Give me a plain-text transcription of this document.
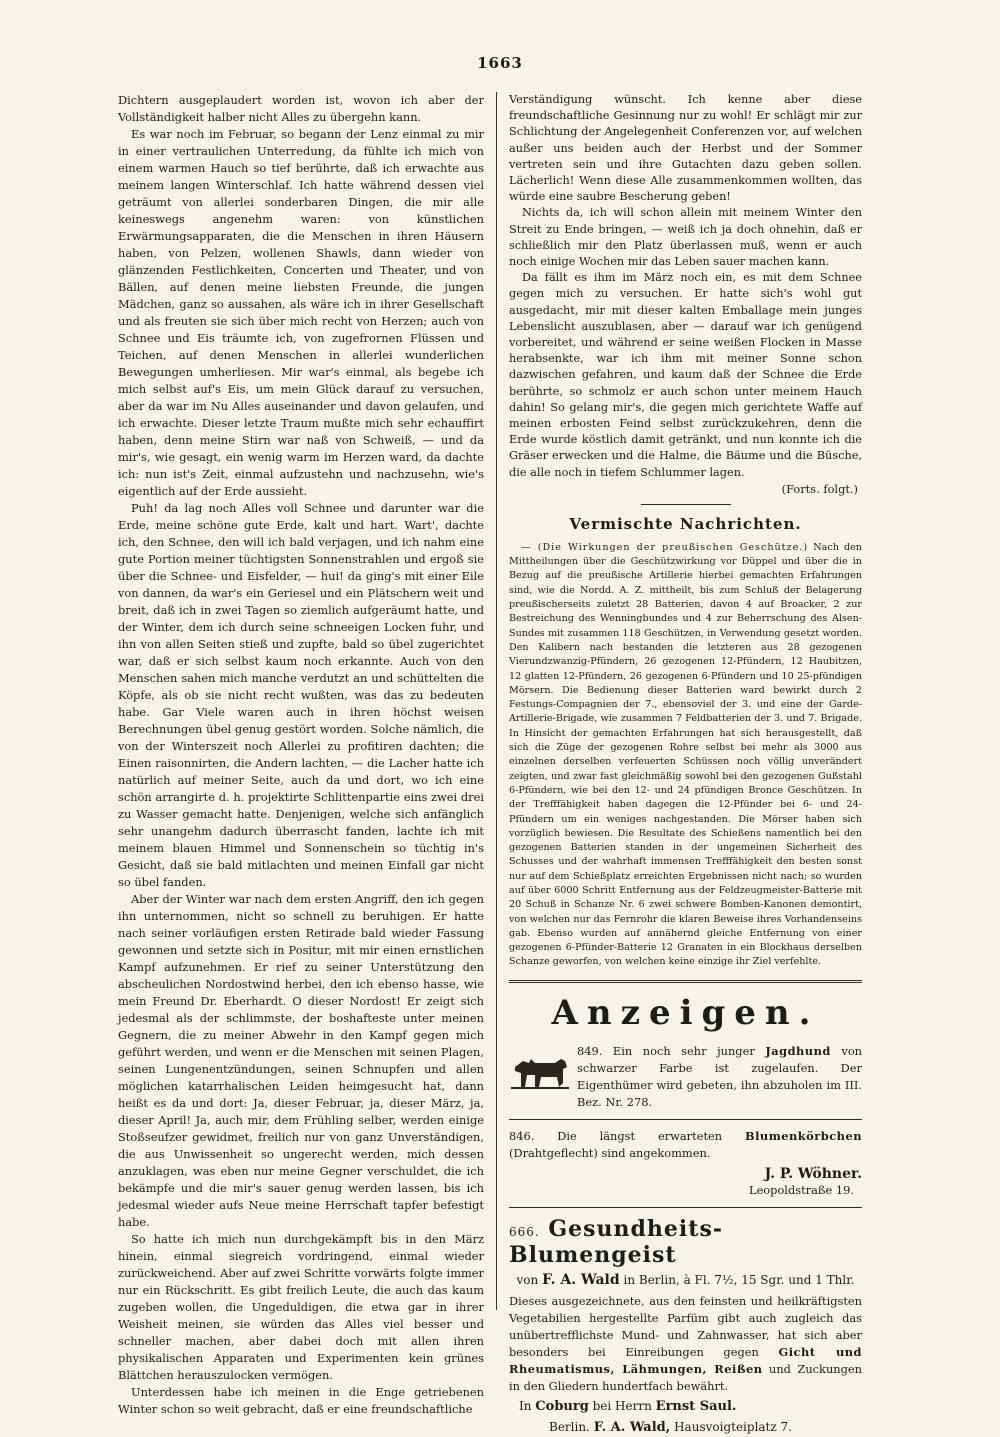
1663

Dichtern ausgeplaudert worden ist, wovon ich aber der Vollständigkeit halber nicht Alles zu übergehn kann.

Es war noch im Februar, so begann der Lenz einmal zu mir in einer vertraulichen Unterredung, da fühlte ich mich von einem warmen Hauch so tief berührte, daß ich erwachte aus meinem langen Winterschlaf. Ich hatte während dessen viel geträumt von allerlei sonderbaren Dingen, die mir alle keineswegs angenehm waren: von künstlichen Erwärmungsapparaten, die die Menschen in ihren Häusern haben, von Pelzen, wollenen Shawls, dann wieder von glänzenden Festlichkeiten, Concerten und Theater, und von Bällen, auf denen meine liebsten Freunde, die jungen Mädchen, ganz so aussahen, als wäre ich in ihrer Gesellschaft und als freuten sie sich über mich recht von Herzen; auch von Schnee und Eis träumte ich, von zugefrornen Flüssen und Teichen, auf denen Menschen in allerlei wunderlichen Bewegungen umherliesen. Mir war's einmal, als begebe ich mich selbst auf's Eis, um mein Glück darauf zu versuchen, aber da war im Nu Alles auseinander und davon gelaufen, und ich erwachte. Dieser letzte Traum mußte mich sehr echauffirt haben, denn meine Stirn war naß von Schweiß, — und da mir's, wie gesagt, ein wenig warm im Herzen ward, da dachte ich: nun ist's Zeit, einmal aufzustehn und nachzusehn, wie's eigentlich auf der Erde aussieht.

Puh! da lag noch Alles voll Schnee und darunter war die Erde, meine schöne gute Erde, kalt und hart. Wart', dachte ich, den Schnee, den will ich bald verjagen, und ich nahm eine gute Portion meiner tüchtigsten Sonnenstrahlen und ergoß sie über die Schnee- und Eisfelder, — hui! da ging's mit einer Eile von dannen, da war's ein Geriesel und ein Plätschern weit und breit, daß ich in zwei Tagen so ziemlich aufgeräumt hatte, und der Winter, dem ich durch seine schneeigen Locken fuhr, und ihn von allen Seiten stieß und zupfte, bald so übel zugerichtet war, daß er sich selbst kaum noch erkannte. Auch von den Menschen sahen mich manche verdutzt an und schüttelten die Köpfe, als ob sie nicht recht wußten, was das zu bedeuten habe. Gar Viele waren auch in ihren höchst weisen Berechnungen übel genug gestört worden. Solche nämlich, die von der Winterszeit noch Allerlei zu profitiren dachten; die Einen raisonnirten, die Andern lachten, — die Lacher hatte ich natürlich auf meiner Seite, auch da und dort, wo ich eine schön arrangirte d. h. projektirte Schlittenpartie eins zwei drei zu Wasser gemacht hatte. Denjenigen, welche sich anfänglich sehr unangehm dadurch überrascht fanden, lachte ich mit meinem blauen Himmel und Sonnenschein so tüchtig in's Gesicht, daß sie bald mitlachten und meinen Einfall gar nicht so übel fanden.

Aber der Winter war nach dem ersten Angriff, den ich gegen ihn unternommen, nicht so schnell zu beruhigen. Er hatte nach seiner vorläufigen ersten Retirade bald wieder Fassung gewonnen und setzte sich in Positur, mit mir einen ernstlichen Kampf aufzunehmen. Er rief zu seiner Unterstützung den abscheulichen Nordostwind herbei, den ich ebenso hasse, wie mein Freund Dr. Eberhardt. O dieser Nordost! Er zeigt sich jedesmal als der schlimmste, der boshafteste unter meinen Gegnern, die zu meiner Abwehr in den Kampf gegen mich geführt werden, und wenn er die Menschen mit seinen Plagen, seinen Lungenentzündungen, seinen Schnupfen und allen möglichen katarrhalischen Leiden heimgesucht hat, dann heißt es da und dort: Ja, dieser Februar, ja, dieser März, ja, dieser April! Ja, auch mir, dem Frühling selber, werden einige Stoßseufzer gewidmet, freilich nur von ganz Unverständigen, die aus Unwissenheit so ungerecht werden, mich dessen anzuklagen, was eben nur meine Gegner verschuldet, die ich bekämpfe und die mir's sauer genug werden lassen, bis ich jedesmal wieder aufs Neue meine Herrschaft tapfer befestigt habe.

So hatte ich mich nun durchgekämpft bis in den März hinein, einmal siegreich vordringend, einmal wieder zurückweichend. Aber auf zwei Schritte vorwärts folgte immer nur ein Rückschritt. Es gibt freilich Leute, die auch das kaum zugeben wollen, die Ungeduldigen, die etwa gar in ihrer Weisheit meinen, sie würden das Alles viel besser und schneller machen, aber dabei doch mit allen ihren physikalischen Apparaten und Experimenten kein grünes Blättchen herauszulocken vermögen.

Unterdessen habe ich meinen in die Enge getriebenen Winter schon so weit gebracht, daß er eine freundschaftliche

Verständigung wünscht. Ich kenne aber diese freundschaftliche Gesinnung nur zu wohl! Er schlägt mir zur Schlichtung der Angelegenheit Conferenzen vor, auf welchen außer uns beiden auch der Herbst und der Sommer vertreten sein und ihre Gutachten dazu geben sollen. Lächerlich! Wenn diese Alle zusammenkommen wollten, das würde eine saubre Bescherung geben!

Nichts da, ich will schon allein mit meinem Winter den Streit zu Ende bringen, — weiß ich ja doch ohnehin, daß er schließlich mir den Platz überlassen muß, wenn er auch noch einige Wochen mir das Leben sauer machen kann.

Da fällt es ihm im März noch ein, es mit dem Schnee gegen mich zu versuchen. Er hatte sich's wohl gut ausgedacht, mir mit dieser kalten Emballage mein junges Lebenslicht auszublasen, aber — darauf war ich genügend vorbereitet, und während er seine weißen Flocken in Masse herabsenkte, war ich ihm mit meiner Sonne schon dazwischen gefahren, und kaum daß der Schnee die Erde berührte, so schmolz er auch schon unter meinem Hauch dahin! So gelang mir's, die gegen mich gerichtete Waffe auf meinen erbosten Feind selbst zurückzukehren, denn die Erde wurde köstlich damit getränkt, und nun konnte ich die Gräser erwecken und die Halme, die Bäume und die Büsche, die alle noch in tiefem Schlummer lagen.

(Forts. folgt.)
Vermischte Nachrichten.

— (Die Wirkungen der preußischen Geschütze.) Nach den Mittheilungen über die Geschützwirkung vor Düppel und über die in Bezug auf die preußische Artillerie hierbei gemachten Erfahrungen sind, wie die Nordd. A. Z. mittheilt, bis zum Schluß der Belagerung preußischerseits zuletzt 28 Batterien, davon 4 auf Broacker, 2 zur Bestreichung des Wenningbundes und 4 zur Beherrschung des Alsen-Sundes mit zusammen 118 Geschützen, in Verwendung gesetzt worden. Den Kalibern nach bestanden die letzteren aus 28 gezogenen Vierundzwanzig-Pfündern, 26 gezogenen 12-Pfündern, 12 Haubitzen, 12 glatten 12-Pfündern, 26 gezogenen 6-Pfündern und 10 25-pfündigen Mörsern. Die Bedienung dieser Batterien ward bewirkt durch 2 Festungs-Compagnien der 7., ebensoviel der 3. und eine der Garde-Artillerie-Brigade, wie zusammen 7 Feldbatterien der 3. und 7. Brigade. In Hinsicht der gemachten Erfahrungen hat sich herausgestellt, daß sich die Züge der gezogenen Rohre selbst bei mehr als 3000 aus einzelnen derselben verfeuerten Schüssen noch völlig unverändert zeigten, und zwar fast gleichmäßig sowohl bei den gezogenen Gußstahl 6-Pfündern, wie bei den 12- und 24 pfündigen Bronce Geschützen. In der Trefffähigkeit haben dagegen die 12-Pfünder bei 6- und 24-Pfündern um ein weniges nachgestanden. Die Mörser haben sich vorzüglich bewiesen. Die Resultate des Schießens namentlich bei den gezogenen Batterien standen in der ungemeinen Sicherheit des Schusses und der wahrhaft immensen Trefffähigkeit den besten sonst nur auf dem Schießplatz erreichten Ergebnissen nicht nach; so wurden auf über 6000 Schritt Entfernung aus der Feldzeugmeister-Batterie mit 20 Schuß in Schanze Nr. 6 zwei schwere Bomben-Kanonen demontirt, von welchen nur das Fernrohr die klaren Beweise ihres Vorhandenseins gab. Ebenso wurden auf annähernd gleiche Entfernung von einer gezogenen 6-Pfünder-Batterie 12 Granaten in ein Blockhaus derselben Schanze geworfen, von welchen keine einzige ihr Ziel verfehlte.

Anzeigen.

849. Ein noch sehr junger Jagdhund von schwarzer Farbe ist zugelaufen. Der Eigenthümer wird gebeten, ihn abzuholen im III. Bez. Nr. 278.

846. Die längst erwarteten Blumenkörbchen (Drahtgeflecht) sind angekommen.

J. P. Wöhner.
Leopoldstraße 19.
666. Gesundheits-Blumengeist
von F. A. Wald in Berlin, à Fl. 7½, 15 Sgr. und 1 Thlr.

Dieses ausgezeichnete, aus den feinsten und heilkräftigsten Vegetabilien hergestellte Parfüm gibt auch zugleich das unübertrefflichste Mund- und Zahnwasser, hat sich aber besonders bei Einreibungen gegen Gicht und Rheumatismus, Lähmungen, Reißen und Zuckungen in den Gliedern hundertfach bewährt.

In Coburg bei Herrn Ernst Saul.
Berlin. F. A. Wald, Hausvoigteiplatz 7.
